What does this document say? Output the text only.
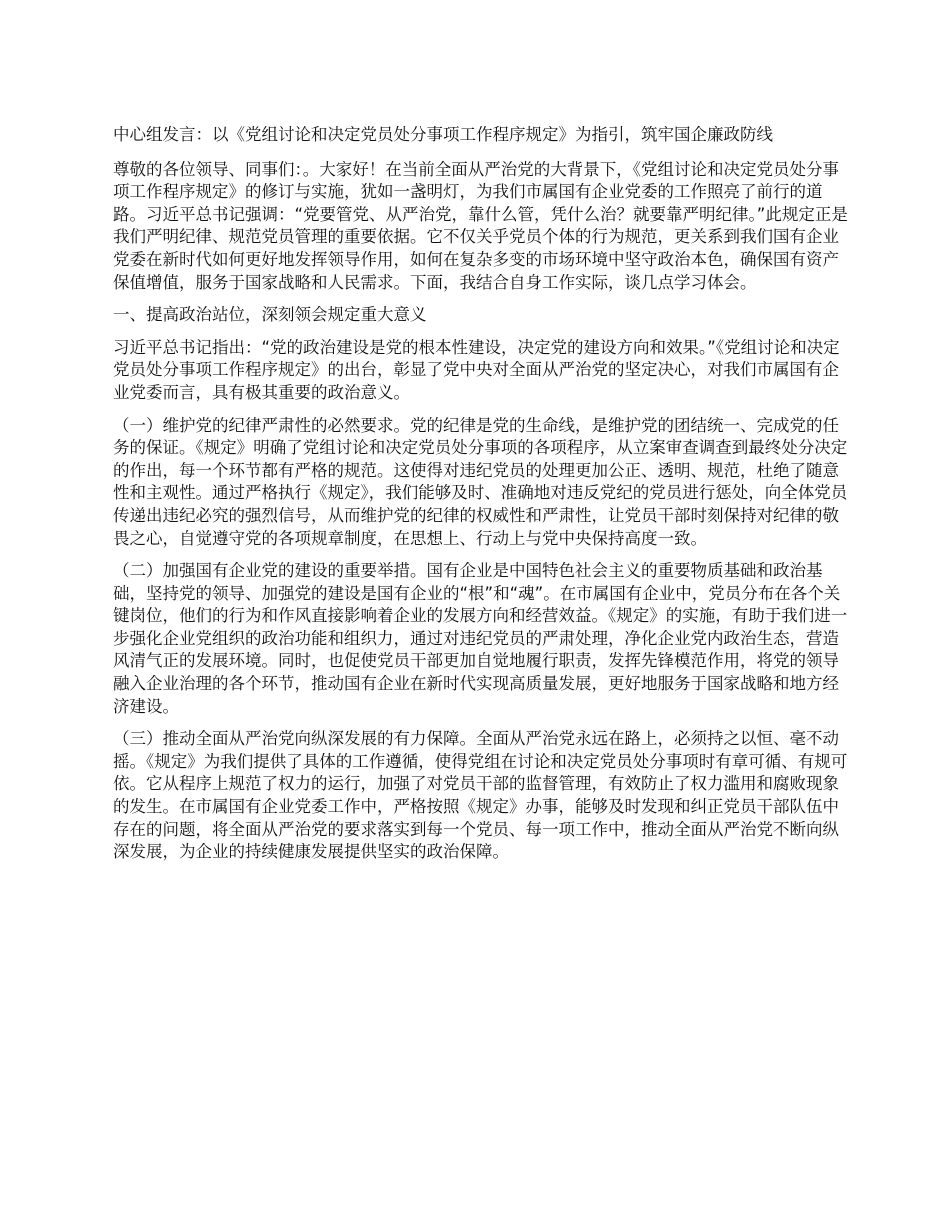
中心组发言：以《党组讨论和决定党员处分事项工作程序规定》为指引，筑牢国企廉政防线

尊敬的各位领导、同事们：。大家好！在当前全面从严治党的大背景下，《党组讨论和决定党员处分事项工作程序规定》的修订与实施，犹如一盏明灯，为我们市属国有企业党委的工作照亮了前行的道路。习近平总书记强调：“党要管党、从严治党，靠什么管，凭什么治？就要靠严明纪律。”此规定正是我们严明纪律、规范党员管理的重要依据。它不仅关乎党员个体的行为规范，更关系到我们国有企业党委在新时代如何更好地发挥领导作用，如何在复杂多变的市场环境中坚守政治本色，确保国有资产保值增值，服务于国家战略和人民需求。下面，我结合自身工作实际，谈几点学习体会。

一、提高政治站位，深刻领会规定重大意义

习近平总书记指出：“党的政治建设是党的根本性建设，决定党的建设方向和效果。”《党组讨论和决定党员处分事项工作程序规定》的出台，彰显了党中央对全面从严治党的坚定决心，对我们市属国有企业党委而言，具有极其重要的政治意义。

（一）维护党的纪律严肃性的必然要求。党的纪律是党的生命线，是维护党的团结统一、完成党的任务的保证。《规定》明确了党组讨论和决定党员处分事项的各项程序，从立案审查调查到最终处分决定的作出，每一个环节都有严格的规范。这使得对违纪党员的处理更加公正、透明、规范，杜绝了随意性和主观性。通过严格执行《规定》，我们能够及时、准确地对违反党纪的党员进行惩处，向全体党员传递出违纪必究的强烈信号，从而维护党的纪律的权威性和严肃性，让党员干部时刻保持对纪律的敬畏之心，自觉遵守党的各项规章制度，在思想上、行动上与党中央保持高度一致。

（二）加强国有企业党的建设的重要举措。国有企业是中国特色社会主义的重要物质基础和政治基础，坚持党的领导、加强党的建设是国有企业的“根”和“魂”。在市属国有企业中，党员分布在各个关键岗位，他们的行为和作风直接影响着企业的发展方向和经营效益。《规定》的实施，有助于我们进一步强化企业党组织的政治功能和组织力，通过对违纪党员的严肃处理，净化企业党内政治生态，营造风清气正的发展环境。同时，也促使党员干部更加自觉地履行职责，发挥先锋模范作用，将党的领导融入企业治理的各个环节，推动国有企业在新时代实现高质量发展，更好地服务于国家战略和地方经济建设。

（三）推动全面从严治党向纵深发展的有力保障。全面从严治党永远在路上，必须持之以恒、毫不动摇。《规定》为我们提供了具体的工作遵循，使得党组在讨论和决定党员处分事项时有章可循、有规可依。它从程序上规范了权力的运行，加强了对党员干部的监督管理，有效防止了权力滥用和腐败现象的发生。在市属国有企业党委工作中，严格按照《规定》办事，能够及时发现和纠正党员干部队伍中存在的问题，将全面从严治党的要求落实到每一个党员、每一项工作中，推动全面从严治党不断向纵深发展，为企业的持续健康发展提供坚实的政治保障。
